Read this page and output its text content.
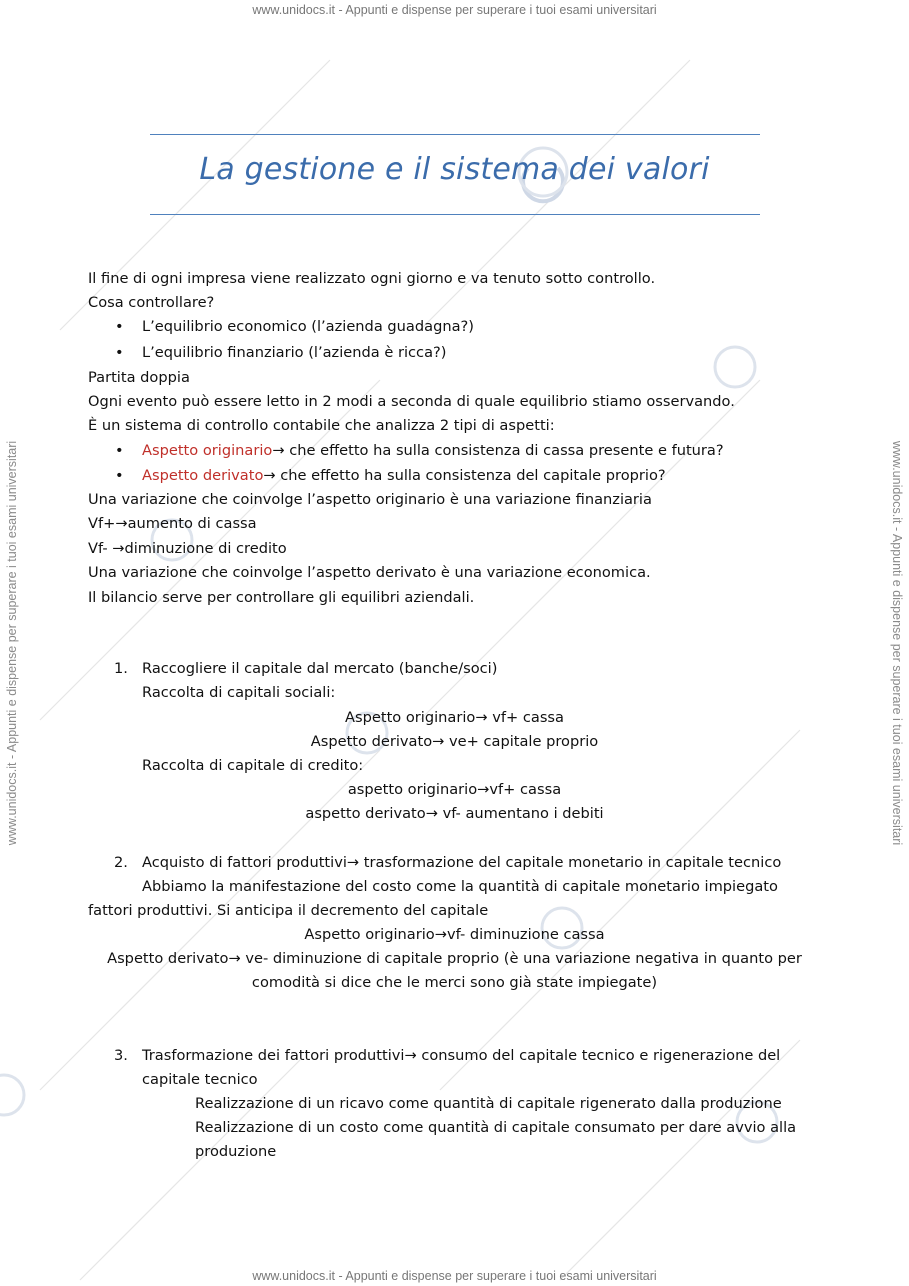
www.unidocs.it - Appunti e dispense per superare i tuoi esami universitari
www.unidocs.it - Appunti e dispense per superare i tuoi esami universitari
www.unidocs.it - Appunti e dispense per superare i tuoi esami universitari	www.unidocs.it - Appunti e dispense per superare i tuoi esami universitari
La gestione e il sistema dei valori
Il fine di ogni impresa viene realizzato ogni giorno e va tenuto sotto controllo.
Cosa controllare?
• L’equilibrio economico (l’azienda guadagna?)
• L’equilibrio finanziario (l’azienda è ricca?)
Partita doppia
Ogni evento può essere letto in 2 modi a seconda di quale equilibrio stiamo osservando.
È un sistema di controllo contabile che analizza 2 tipi di aspetti:
• Aspetto originario→ che effetto ha sulla consistenza di cassa presente e futura?
• Aspetto derivato→ che effetto ha sulla consistenza del capitale proprio?
Una variazione che coinvolge l’aspetto originario è una variazione finanziaria
Vf+→aumento di cassa
Vf- →diminuzione di credito
Una variazione che coinvolge l’aspetto derivato è una variazione economica.
Il bilancio serve per controllare gli equilibri aziendali.
1. Raccogliere il capitale dal mercato (banche/soci)
Raccolta di capitali sociali:
Aspetto originario→ vf+ cassa
Aspetto derivato→ ve+ capitale proprio
Raccolta di capitale di credito:
aspetto originario→vf+ cassa
aspetto derivato→ vf- aumentano i debiti
2. Acquisto di fattori produttivi→ trasformazione del capitale monetario in capitale tecnico
Abbiamo la manifestazione del costo come la quantità di capitale monetario impiegato
fattori produttivi. Si anticipa il decremento del capitale
Aspetto originario→vf- diminuzione cassa
Aspetto derivato→ ve- diminuzione di capitale proprio (è una variazione negativa in quanto per
comodità si dice che le merci sono già state impiegate)
3. Trasformazione dei fattori produttivi→ consumo del capitale tecnico e rigenerazione del
capitale tecnico
Realizzazione di un ricavo come quantità di capitale rigenerato dalla produzione
Realizzazione di un costo come quantità di capitale consumato per dare avvio alla
produzione
